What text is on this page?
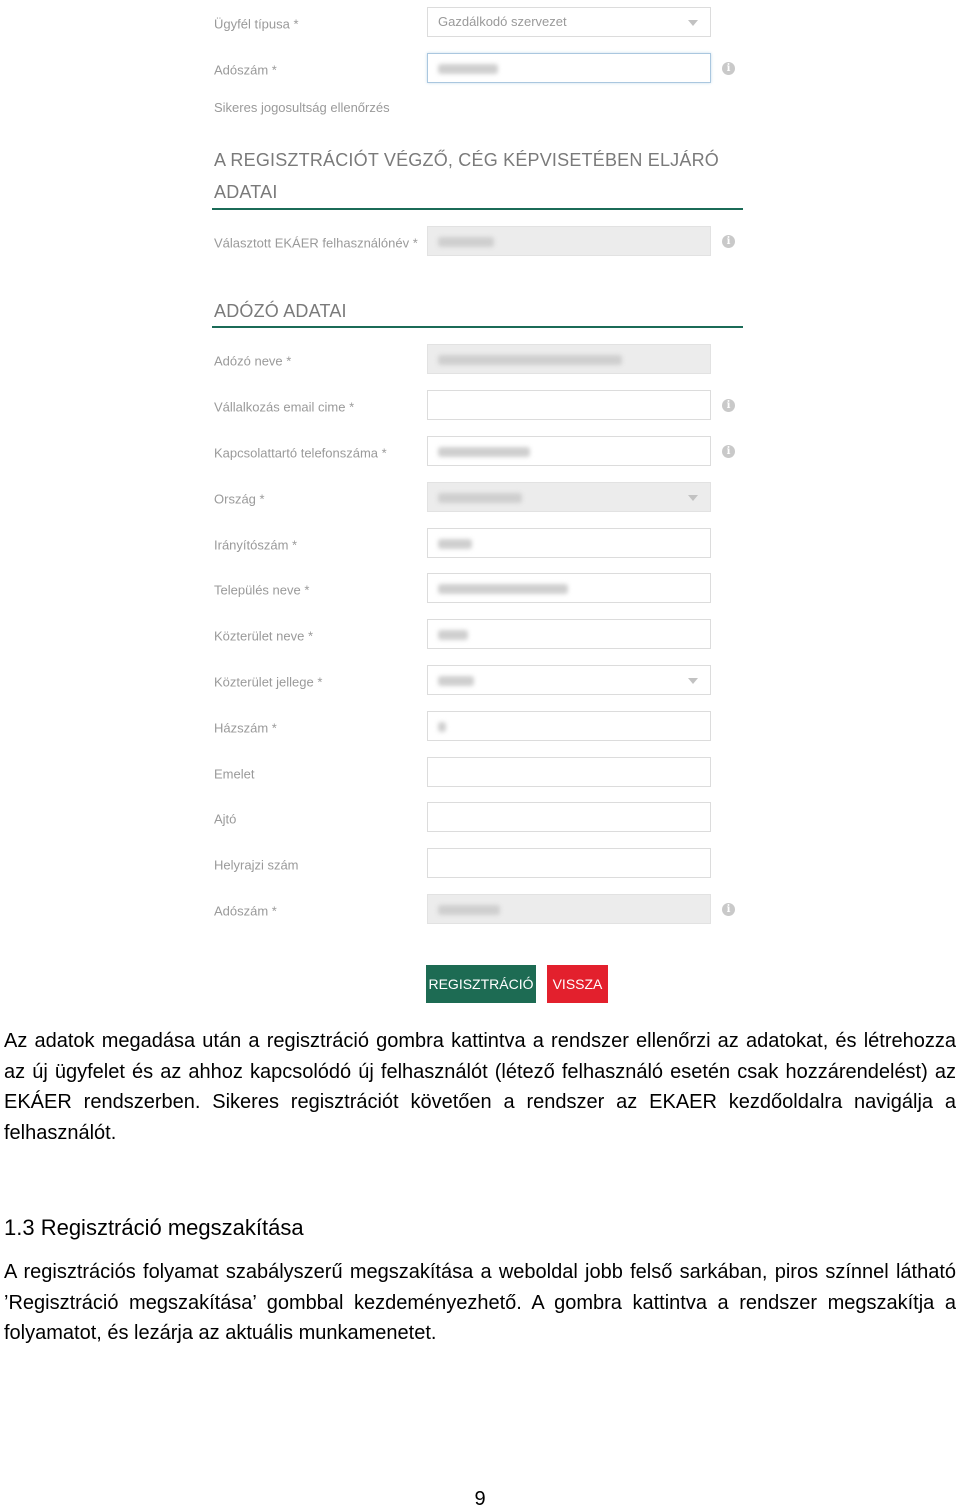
Ügyfél típusa *	Gazdálkodó szervezet
Adószám *	i
Sikeres jogosultság ellenőrzés
A REGISZTRÁCIÓT VÉGZŐ, CÉG KÉPVISETÉBEN ELJÁRÓ ADATAI
Választott EKÁER felhasználónév *	i
ADÓZÓ ADATAI
Adózó neve *
Vállalkozás email cime *	i
Kapcsolattartó telefonszáma *	i
Ország *
Irányítószám *
Település neve *
Közterület neve *
Közterület jellege *
Házszám *
Emelet
Ajtó
Helyrajzi szám
Adószám *	i
REGISZTRÁCIÓ	VISSZA

Az adatok megadása után a regisztráció gombra kattintva a rendszer ellenőrzi az adatokat, és létrehozza az új ügyfelet és az ahhoz kapcsolódó új felhasználót (létező felhasználó esetén csak hozzárendelést) az EKÁER rendszerben. Sikeres regisztrációt követően a rendszer az EKAER kezdőoldalra navigálja a felhasználót.

1.3 Regisztráció megszakítása

A regisztrációs folyamat szabályszerű megszakítása a weboldal jobb felső sarkában, piros színnel látható ’Regisztráció megszakítása’ gombbal kezdeményezhető. A gombra kattintva a rendszer megszakítja a folyamatot, és lezárja az aktuális munkamenetet.

9
